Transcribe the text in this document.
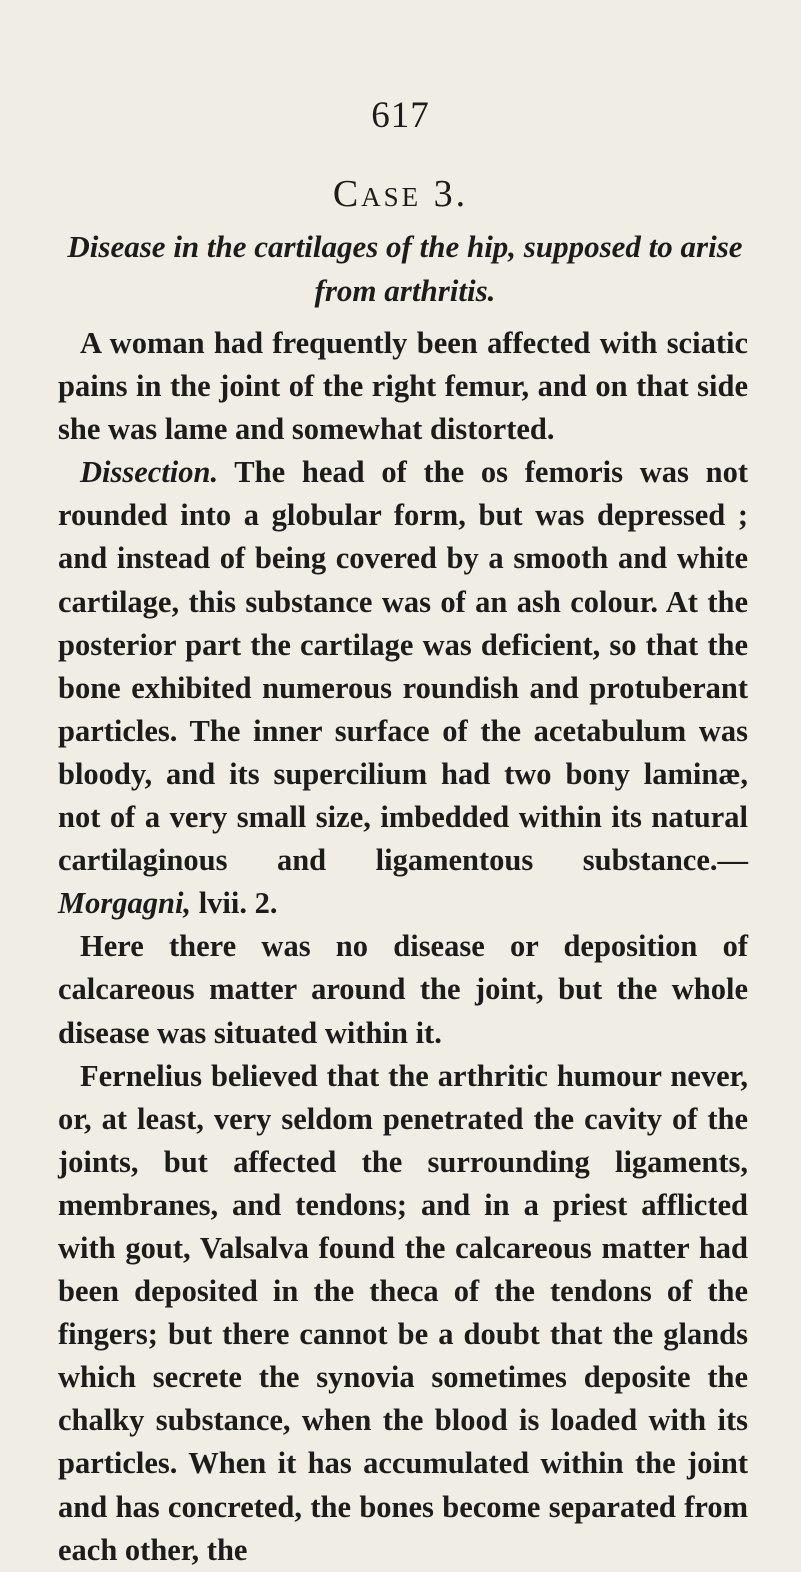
617
Case 3.
Disease in the cartilages of the hip, supposed to arise from arthritis.

A woman had frequently been affected with sciatic pains in the joint of the right femur, and on that side she was lame and somewhat distorted.

Dissection. The head of the os femoris was not rounded into a globular form, but was depressed ; and instead of being covered by a smooth and white cartilage, this substance was of an ash colour. At the posterior part the cartilage was deficient, so that the bone exhibited numerous roundish and protuberant particles. The inner surface of the acetabulum was bloody, and its supercilium had two bony laminæ, not of a very small size, imbedded within its natural cartilaginous and ligamentous substance.—Morgagni, lvii. 2.

Here there was no disease or deposition of calcareous matter around the joint, but the whole disease was situated within it.

Fernelius believed that the arthritic humour never, or, at least, very seldom penetrated the cavity of the joints, but affected the surrounding ligaments, membranes, and tendons; and in a priest afflicted with gout, Valsalva found the calcareous matter had been deposited in the theca of the tendons of the fingers; but there cannot be a doubt that the glands which secrete the synovia sometimes deposite the chalky substance, when the blood is loaded with its particles. When it has accumulated within the joint and has concreted, the bones become separated from each other, the
